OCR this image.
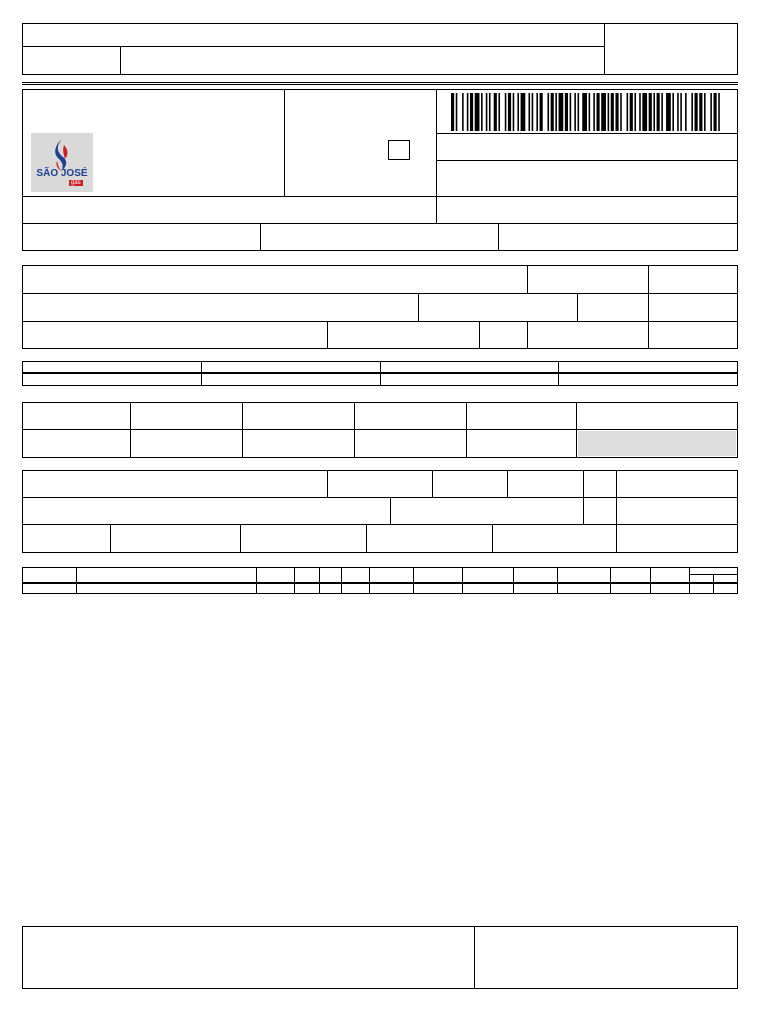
SÃO JOSÉ
gás
